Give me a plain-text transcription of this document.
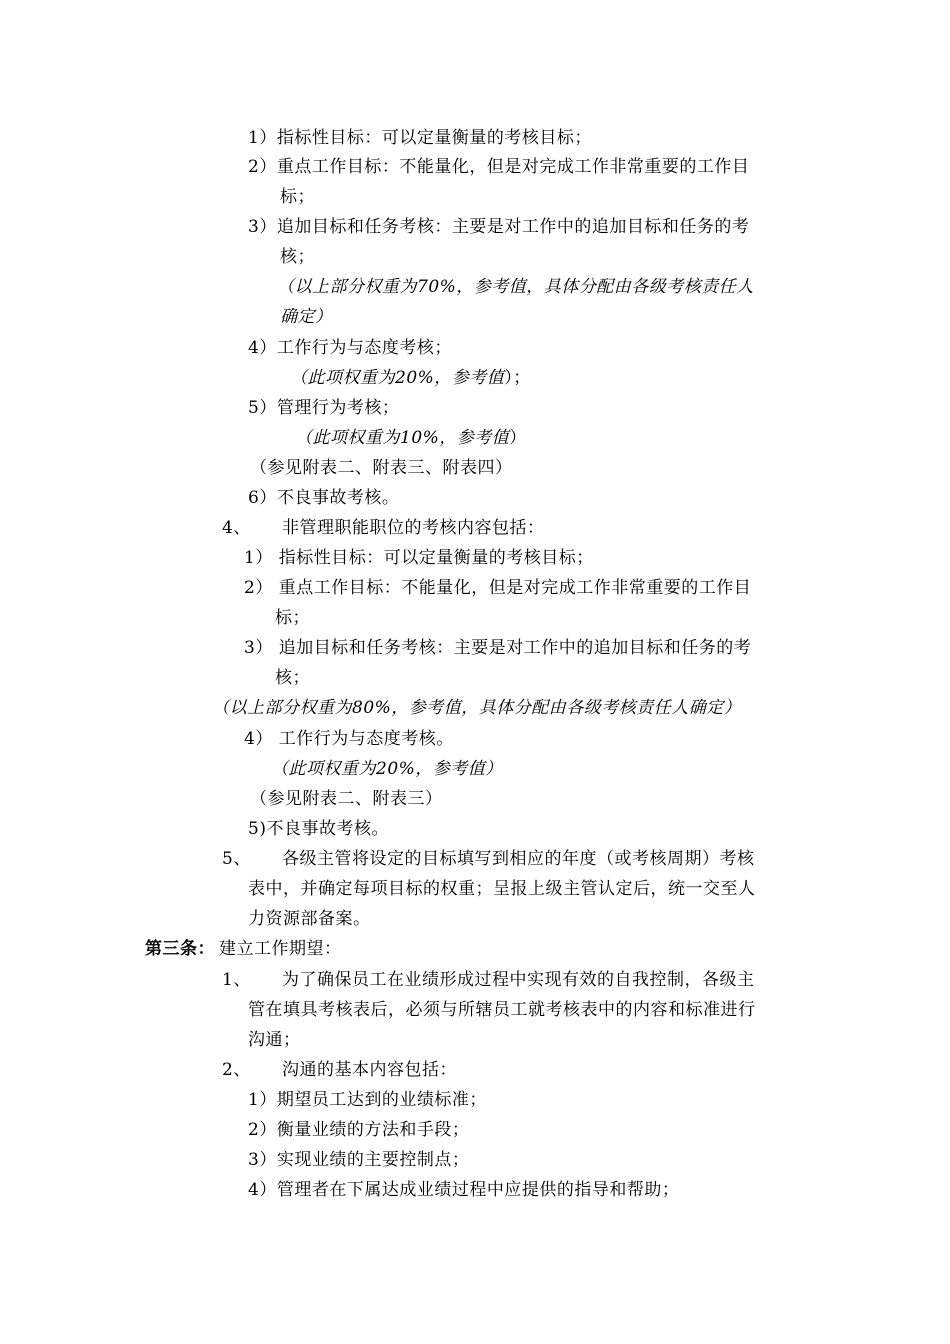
1）指标性目标：可以定量衡量的考核目标；
2）重点工作目标：不能量化，但是对完成工作非常重要的工作目
标；
3）追加目标和任务考核：主要是对工作中的追加目标和任务的考
核；
（以上部分权重为70%，参考值，具体分配由各级考核责任人
确定）
4）工作行为与态度考核；
（此项权重为20%，参考值）；
5）管理行为考核；
（此项权重为10%，参考值）
（参见附表二、附表三、附表四）
6）不良事故考核。
4、 非管理职能职位的考核内容包括：
1） 指标性目标：可以定量衡量的考核目标；
2） 重点工作目标：不能量化，但是对完成工作非常重要的工作目
标；
3） 追加目标和任务考核：主要是对工作中的追加目标和任务的考
核；
（以上部分权重为80%，参考值，具体分配由各级考核责任人确定）
4） 工作行为与态度考核。
（此项权重为20%，参考值）
（参见附表二、附表三）
5)不良事故考核。
5、 各级主管将设定的目标填写到相应的年度（或考核周期）考核
表中，并确定每项目标的权重；呈报上级主管认定后，统一交至人
力资源部备案。
第三条： 建立工作期望：
1、 为了确保员工在业绩形成过程中实现有效的自我控制，各级主
管在填具考核表后，必须与所辖员工就考核表中的内容和标准进行
沟通；
2、 沟通的基本内容包括：
1）期望员工达到的业绩标准；
2）衡量业绩的方法和手段；
3）实现业绩的主要控制点；
4）管理者在下属达成业绩过程中应提供的指导和帮助；
